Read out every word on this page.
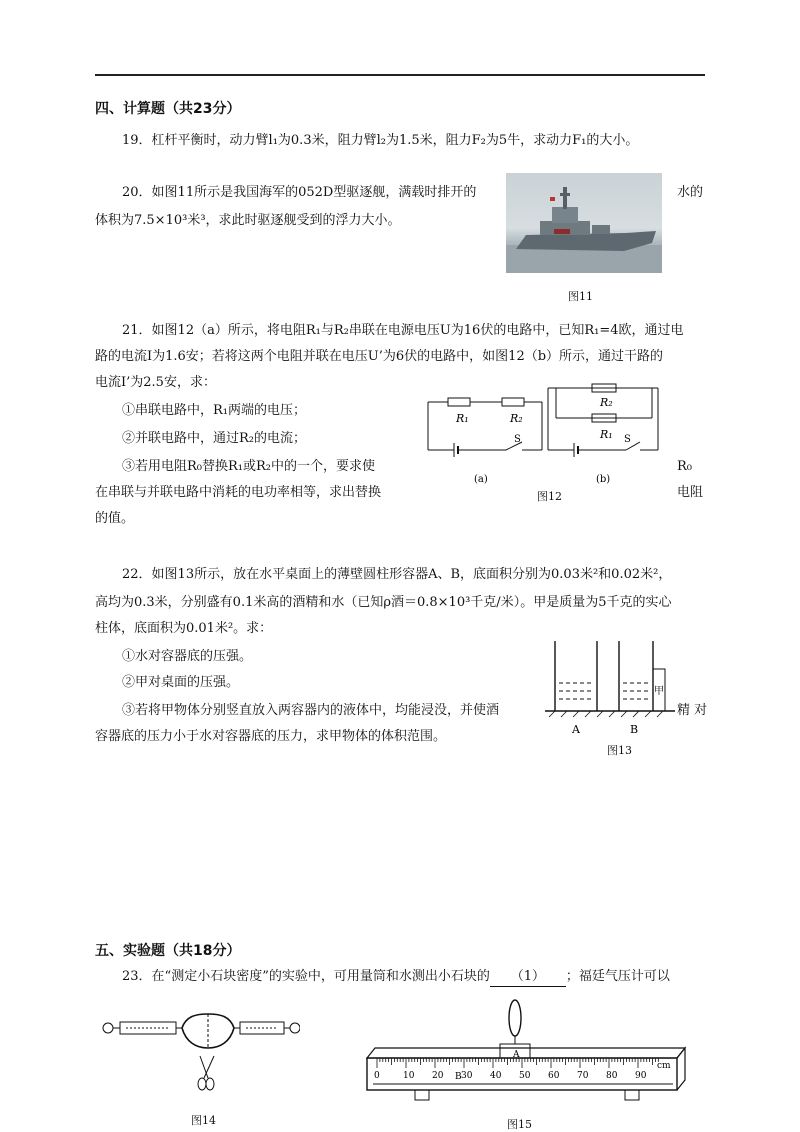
四、计算题（共23分）
19．杠杆平衡时，动力臂l₁为0.3米，阻力臂l₂为1.5米，阻力F₂为5牛，求动力F₁的大小。
20．如图11所示是我国海军的052D型驱逐舰，满载时排开的	水的
体积为7.5×10³米³，求此时驱逐舰受到的浮力大小。
图11
21．如图12（a）所示，将电阻R₁与R₂串联在电源电压U为16伏的电路中，已知R₁=4欧，通过电
路的电流I为1.6安；若将这两个电阻并联在电压U’为6伏的电路中，如图12（b）所示，通过干路的
电流I’为2.5安，求：
①串联电路中，R₁两端的电压；
②并联电路中，通过R₂的电流；
③若用电阻R₀替换R₁或R₂中的一个，要求使	R₀
在串联与并联电路中消耗的电功率相等，求出替换	电阻
的值。
R₁	R₂
S
R₂
R₁ S
(a)	(b)
图12
22．如图13所示，放在水平桌面上的薄壁圆柱形容器A、B，底面积分别为0.03米²和0.02米²，
高均为0.3米，分别盛有0.1米高的酒精和水（已知ρ酒＝0.8×10³千克/米）。甲是质量为5千克的实心
柱体，底面积为0.01米²。求：
①水对容器底的压强。
②甲对桌面的压强。
③若将甲物体分别竖直放入两容器内的液体中，均能浸没，并使酒	精 对
容器底的压力小于水对容器底的压力，求甲物体的体积范围。
甲
A	B
图13
五、实验题（共18分）
23．在“测定小石块密度”的实验中，可用量筒和水测出小石块的 （1） ；福廷气压计可以
图14
0	10 20 30 40 50 60 70 80 90
cm
A
B
图15
